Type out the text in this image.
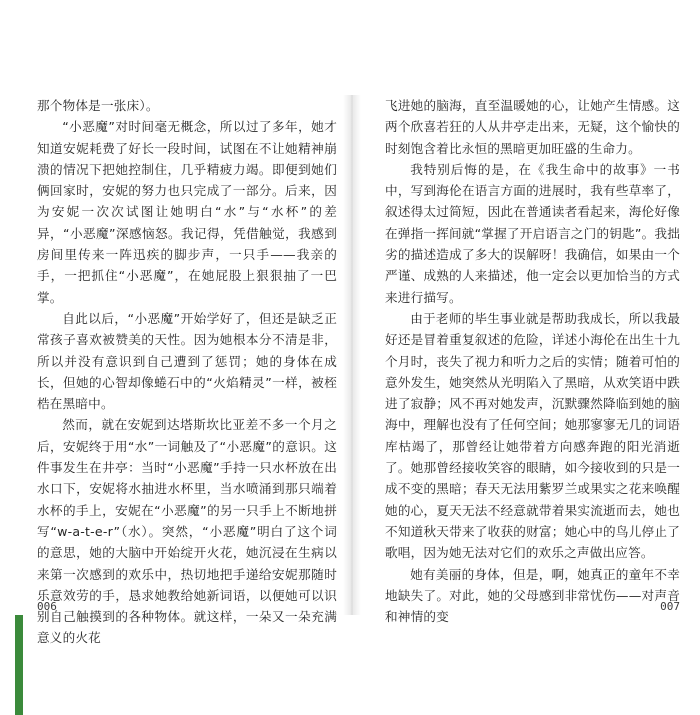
那个物体是一张床）。

“小恶魔”对时间毫无概念，所以过了多年，她才知道安妮耗费了好长一段时间，试图在不让她精神崩溃的情况下把她控制住，几乎精疲力竭。即便到她们俩回家时，安妮的努力也只完成了一部分。后来，因为安妮一次次试图让她明白“水”与“水杯”的差异，“小恶魔”深感恼怒。我记得，凭借触觉，我感到房间里传来一阵迅疾的脚步声，一只手——我亲的手，一把抓住“小恶魔”，在她屁股上狠狠抽了一巴掌。

自此以后，“小恶魔”开始学好了，但还是缺乏正常孩子喜欢被赞美的天性。因为她根本分不清是非，所以并没有意识到自己遭到了惩罚；她的身体在成长，但她的心智却像蜷石中的“火焰精灵”一样，被桎梏在黑暗中。

然而，就在安妮到达塔斯坎比亚差不多一个月之后，安妮终于用“水”一词触及了“小恶魔”的意识。这件事发生在井亭：当时“小恶魔”手持一只水杯放在出水口下，安妮将水抽进水杯里，当水喷涌到那只端着水杯的手上，安妮在“小恶魔”的另一只手上不断地拼写“w-a-t-e-r”（水）。突然，“小恶魔”明白了这个词的意思，她的大脑中开始绽开火花，她沉浸在生病以来第一次感到的欢乐中，热切地把手递给安妮那随时乐意效劳的手，恳求她教给她新词语，以便她可以识别自己触摸到的各种物体。就这样，一朵又一朵充满意义的火花

006

飞进她的脑海，直至温暖她的心，让她产生情感。这两个欣喜若狂的人从井亭走出来，无疑，这个愉快的时刻饱含着比永恒的黑暗更加旺盛的生命力。

我特别后悔的是，在《我生命中的故事》一书中，写到海伦在语言方面的进展时，我有些草率了，叙述得太过简短，因此在普通读者看起来，海伦好像在弹指一挥间就“掌握了开启语言之门的钥匙”。我拙劣的描述造成了多大的误解呀！我确信，如果由一个严谨、成熟的人来描述，他一定会以更加恰当的方式来进行描写。

由于老师的毕生事业就是帮助我成长，所以我最好还是冒着重复叙述的危险，详述小海伦在出生十九个月时，丧失了视力和听力之后的实情；随着可怕的意外发生，她突然从光明陷入了黑暗，从欢笑语中跌进了寂静；风不再对她发声，沉默骤然降临到她的脑海中，理解也没有了任何空间；她那寥寥无几的词语库枯竭了，那曾经让她带着方向感奔跑的阳光消逝了。她那曾经接收笑容的眼睛，如今接收到的只是一成不变的黑暗；春天无法用紫罗兰或果实之花来唤醒她的心，夏天无法不经意就带着果实流逝而去，她也不知道秋天带来了收获的财富；她心中的鸟儿停止了歌唱，因为她无法对它们的欢乐之声做出应答。

她有美丽的身体，但是，啊，她真正的童年不幸地缺失了。对此，她的父母感到非常忧伤——对声音和神情的变

007
